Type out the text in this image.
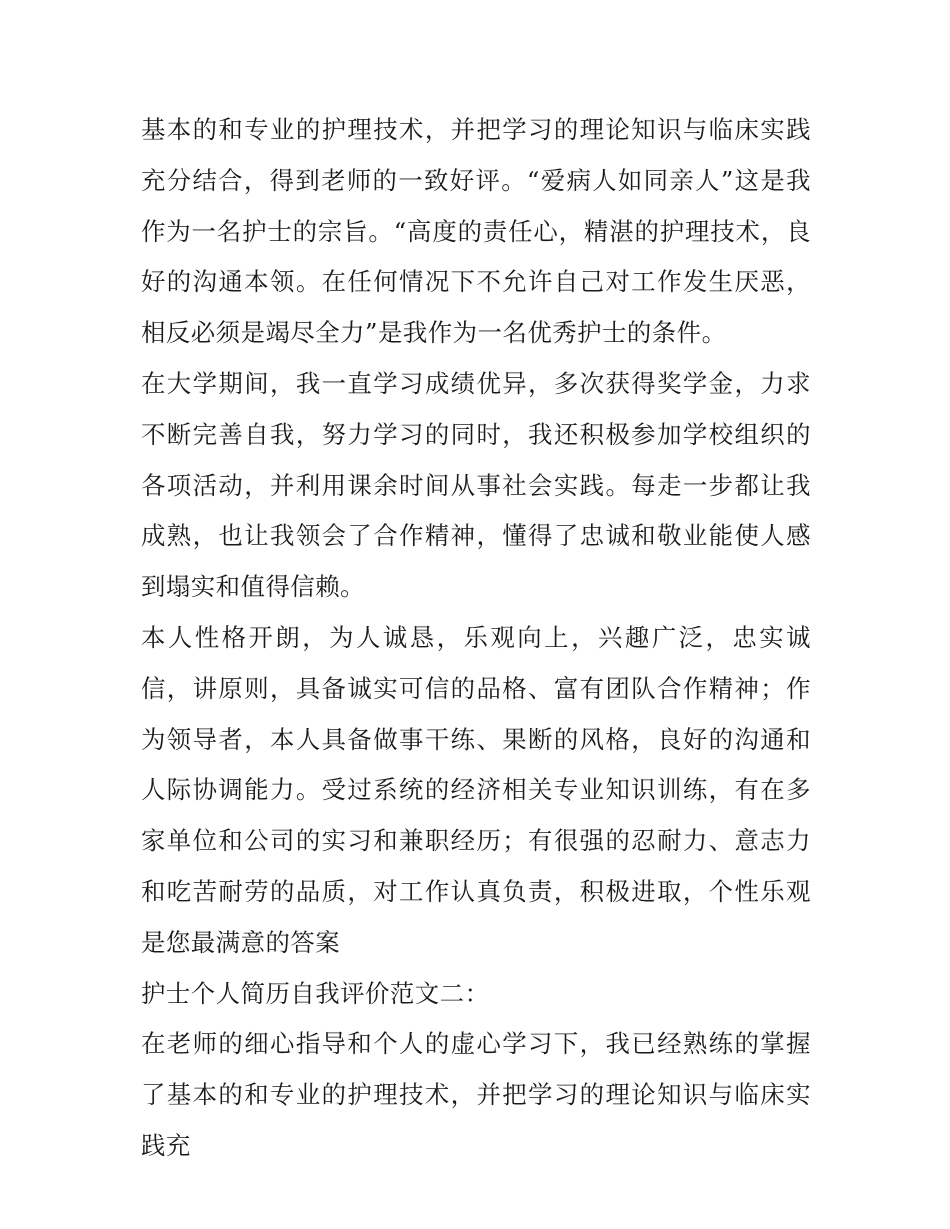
基本的和专业的护理技术，并把学习的理论知识与临床实践充分结合，得到老师的一致好评。“爱病人如同亲人”这是我作为一名护士的宗旨。“高度的责任心，精湛的护理技术，良好的沟通本领。在任何情况下不允许自己对工作发生厌恶，相反必须是竭尽全力”是我作为一名优秀护士的条件。

在大学期间，我一直学习成绩优异，多次获得奖学金，力求不断完善自我，努力学习的同时，我还积极参加学校组织的各项活动，并利用课余时间从事社会实践。每走一步都让我成熟，也让我领会了合作精神，懂得了忠诚和敬业能使人感到塌实和值得信赖。

本人性格开朗，为人诚恳，乐观向上，兴趣广泛，忠实诚信，讲原则，具备诚实可信的品格、富有团队合作精神；作为领导者，本人具备做事干练、果断的风格，良好的沟通和人际协调能力。受过系统的经济相关专业知识训练，有在多家单位和公司的实习和兼职经历；有很强的忍耐力、意志力和吃苦耐劳的品质，对工作认真负责，积极进取，个性乐观是您最满意的答案

护士个人简历自我评价范文二：

在老师的细心指导和个人的虚心学习下，我已经熟练的掌握了基本的和专业的护理技术，并把学习的理论知识与临床实践充
